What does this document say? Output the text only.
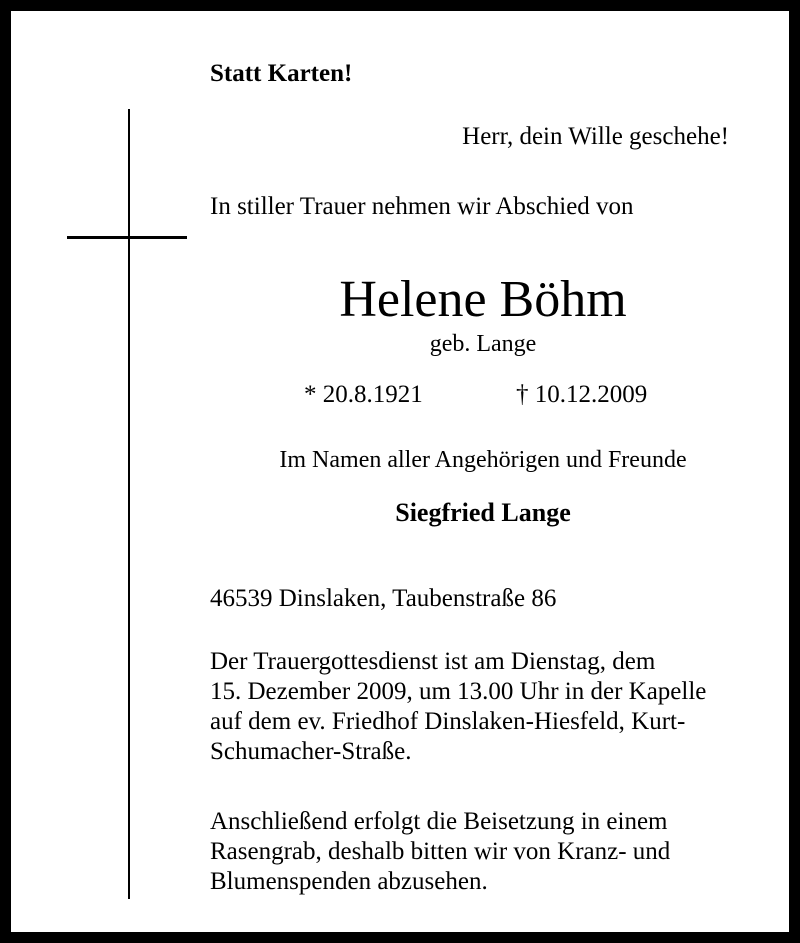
Statt Karten!
Herr, dein Wille geschehe!
In stiller Trauer nehmen wir Abschied von
Helene Böhm
geb. Lange
* 20.8.1921	† 10.12.2009
Im Namen aller Angehörigen und Freunde
Siegfried Lange
46539 Dinslaken, Taubenstraße 86
Der Trauergottesdienst ist am Dienstag, dem
15. Dezember 2009, um 13.00 Uhr in der Kapelle
auf dem ev. Friedhof Dinslaken-Hiesfeld, Kurt-
Schumacher-Straße.
Anschließend erfolgt die Beisetzung in einem
Rasengrab, deshalb bitten wir von Kranz- und
Blumenspenden abzusehen.
